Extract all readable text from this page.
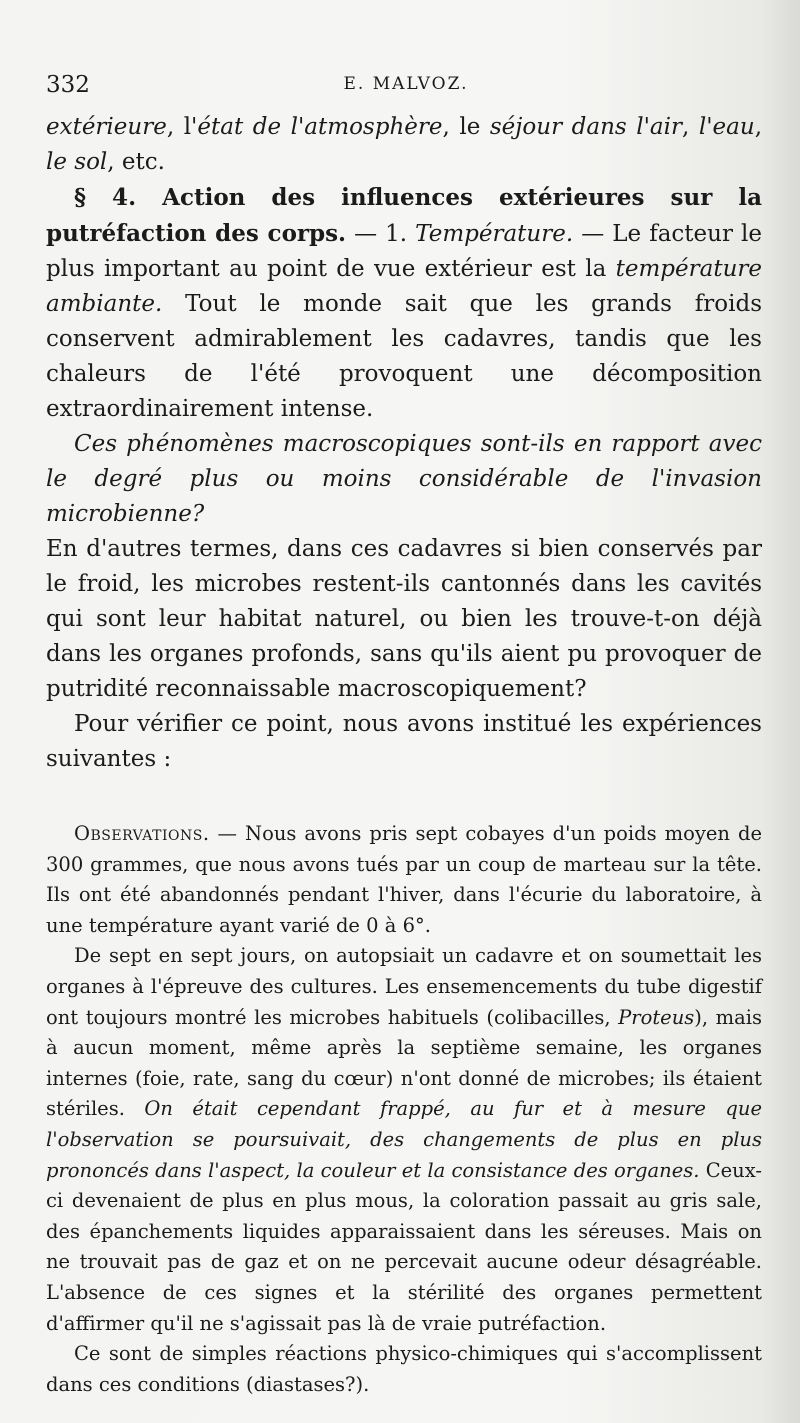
332	E. MALVOZ.

extérieure, l'état de l'atmosphère, le séjour dans l'air, l'eau, le sol, etc.

§ 4. Action des influences extérieures sur la putréfaction des corps. — 1. Température. — Le facteur le plus important au point de vue extérieur est la température ambiante. Tout le monde sait que les grands froids conservent admirablement les cadavres, tandis que les chaleurs de l'été provoquent une décomposition extraordinairement intense.

Ces phénomènes macroscopiques sont-ils en rapport avec le degré plus ou moins considérable de l'invasion microbienne?

En d'autres termes, dans ces cadavres si bien conservés par le froid, les microbes restent-ils cantonnés dans les cavités qui sont leur habitat naturel, ou bien les trouve-t-on déjà dans les organes profonds, sans qu'ils aient pu provoquer de putridité reconnaissable macroscopiquement?

Pour vérifier ce point, nous avons institué les expériences suivantes :

Observations. — Nous avons pris sept cobayes d'un poids moyen de 300 grammes, que nous avons tués par un coup de marteau sur la tête. Ils ont été abandonnés pendant l'hiver, dans l'écurie du laboratoire, à une température ayant varié de 0 à 6°.

De sept en sept jours, on autopsiait un cadavre et on soumettait les organes à l'épreuve des cultures. Les ensemencements du tube digestif ont toujours montré les microbes habituels (colibacilles, Proteus), mais à aucun moment, même après la septième semaine, les organes internes (foie, rate, sang du cœur) n'ont donné de microbes; ils étaient stériles. On était cependant frappé, au fur et à mesure que l'observation se poursuivait, des changements de plus en plus prononcés dans l'aspect, la couleur et la consistance des organes. Ceux-ci devenaient de plus en plus mous, la coloration passait au gris sale, des épanchements liquides apparaissaient dans les séreuses. Mais on ne trouvait pas de gaz et on ne percevait aucune odeur désagréable. L'absence de ces signes et la stérilité des organes permettent d'affirmer qu'il ne s'agissait pas là de vraie putréfaction.

Ce sont de simples réactions physico-chimiques qui s'accomplissent dans ces conditions (diastases?).
